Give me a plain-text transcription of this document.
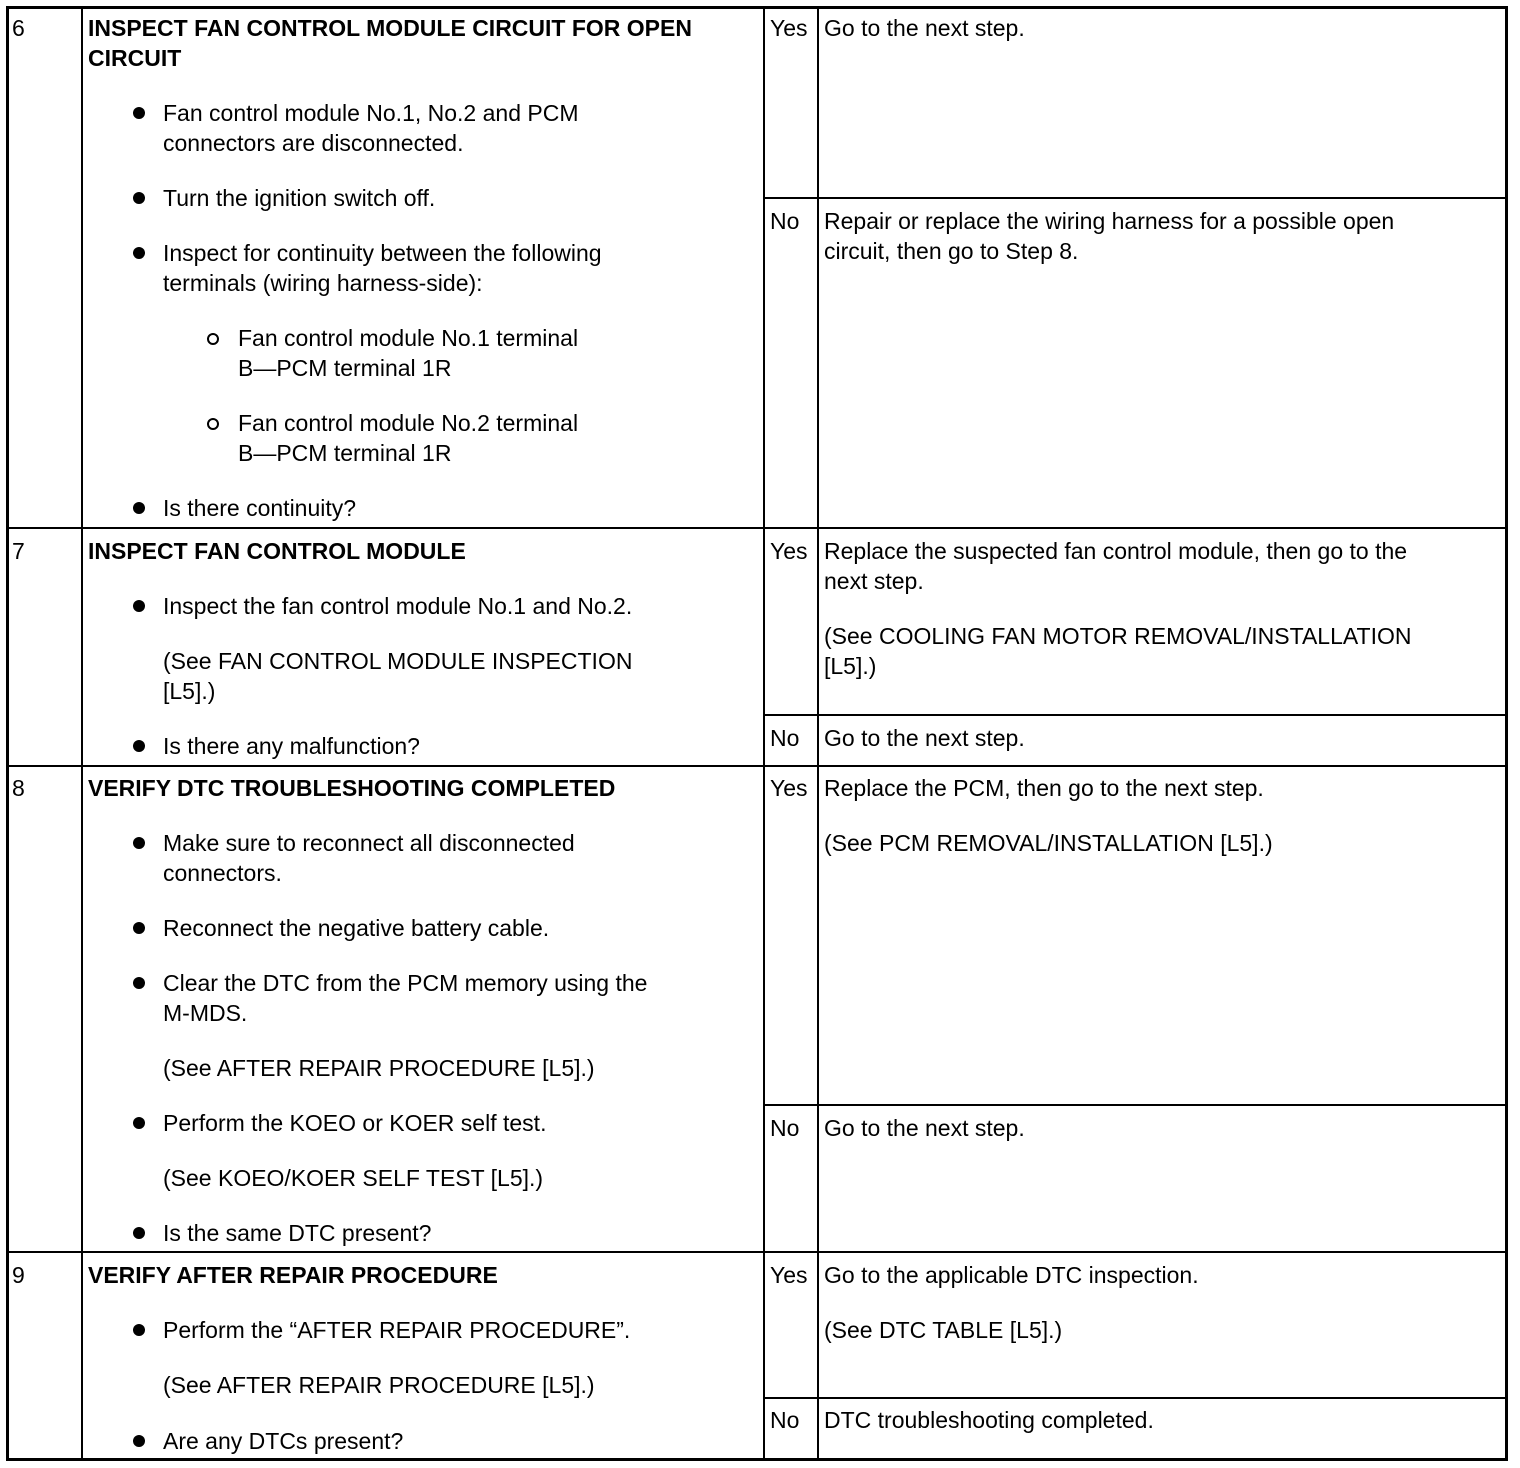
6	INSPECT FAN CONTROL MODULE CIRCUIT FOR OPEN
CIRCUIT
Fan control module No.1, No.2 and PCM
connectors are disconnected.
Turn the ignition switch off.
Inspect for continuity between the following
terminals (wiring harness-side):
Fan control module No.1 terminal
B—PCM terminal 1R
Fan control module No.2 terminal
B—PCM terminal 1R
Is there continuity?
Yes Go to the next step.
No Repair or replace the wiring harness for a possible open
circuit, then go to Step 8.
7	INSPECT FAN CONTROL MODULE
Inspect the fan control module No.1 and No.2.
(See FAN CONTROL MODULE INSPECTION
[L5].)
Is there any malfunction?
Yes Replace the suspected fan control module, then go to the
next step.
(See COOLING FAN MOTOR REMOVAL/INSTALLATION
[L5].)
No Go to the next step.
8	VERIFY DTC TROUBLESHOOTING COMPLETED
Make sure to reconnect all disconnected
connectors.
Reconnect the negative battery cable.
Clear the DTC from the PCM memory using the
M-MDS.
(See AFTER REPAIR PROCEDURE [L5].)
Perform the KOEO or KOER self test.
(See KOEO/KOER SELF TEST [L5].)
Is the same DTC present?
Yes Replace the PCM, then go to the next step.
(See PCM REMOVAL/INSTALLATION [L5].)
No Go to the next step.
9	VERIFY AFTER REPAIR PROCEDURE
Perform the “AFTER REPAIR PROCEDURE”.
(See AFTER REPAIR PROCEDURE [L5].)
Are any DTCs present?
Yes Go to the applicable DTC inspection.
(See DTC TABLE [L5].)
No DTC troubleshooting completed.
